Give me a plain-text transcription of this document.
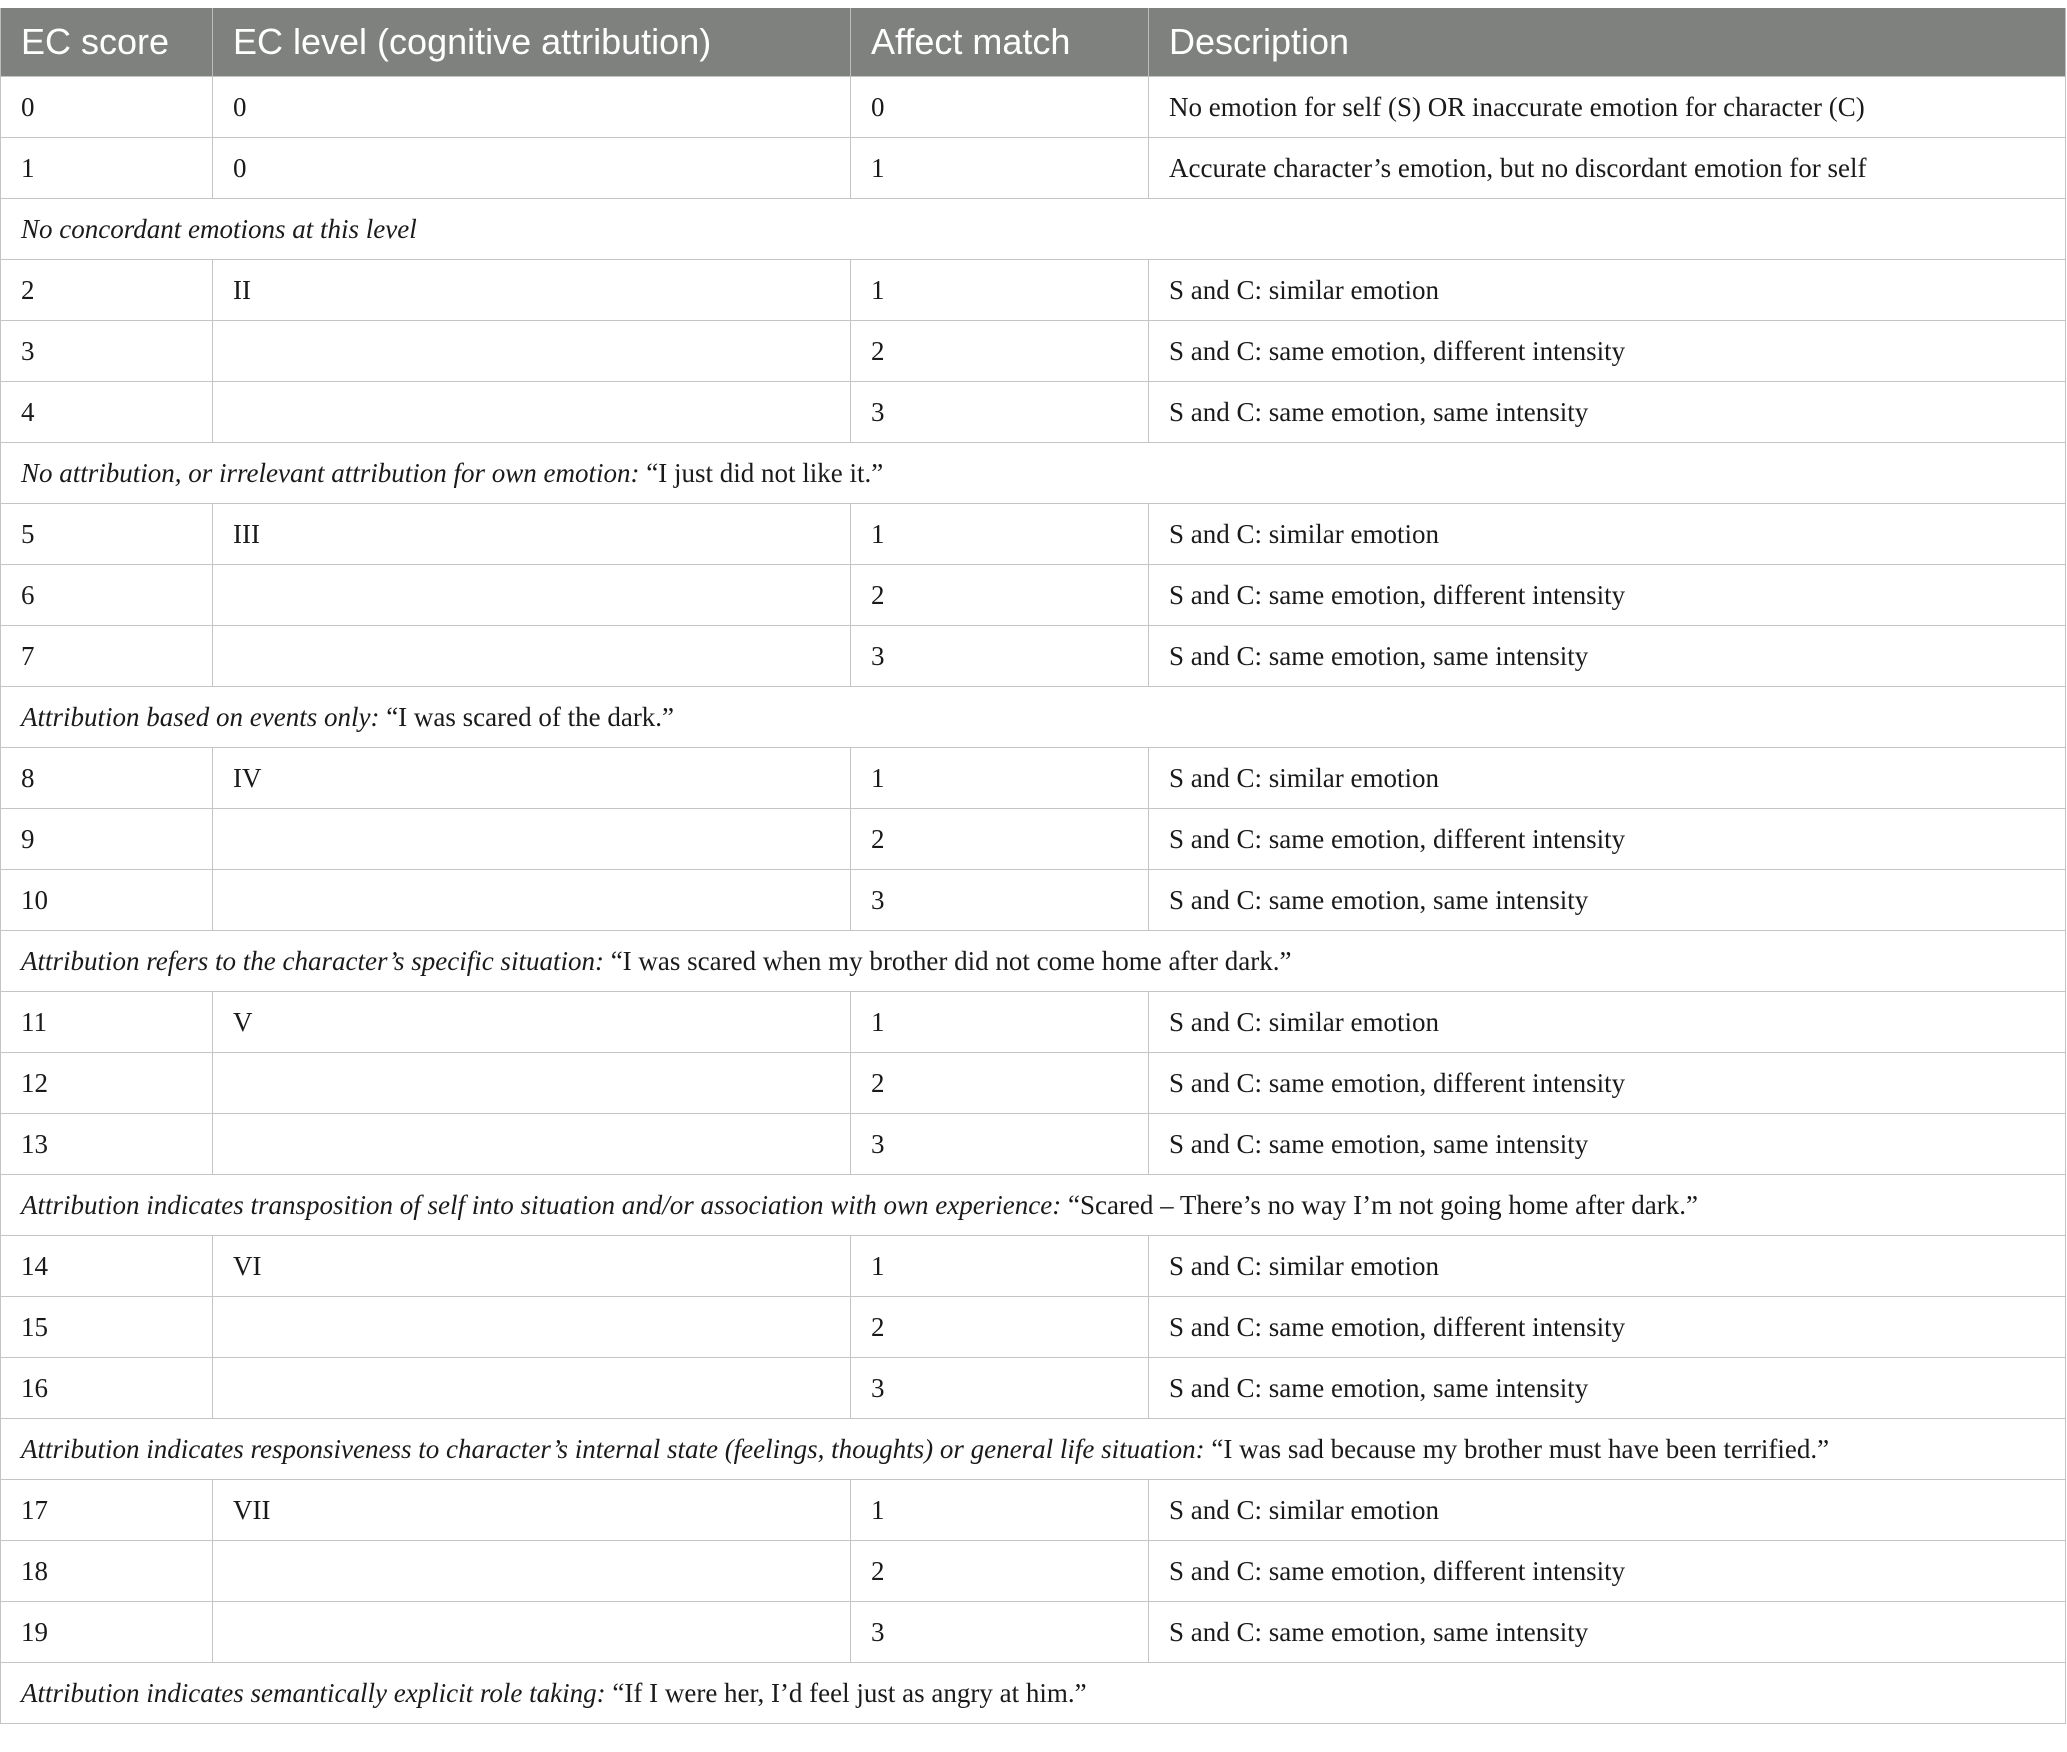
EC score	EC level (cognitive attribution)	Affect match	Description
0	0	0	No emotion for self (S) OR inaccurate emotion for character (C)
1	0	1	Accurate character’s emotion, but no discordant emotion for self
No concordant emotions at this level			
2	II	1	S and C: similar emotion
3		2	S and C: same emotion, different intensity
4		3	S and C: same emotion, same intensity
No attribution, or irrelevant attribution for own emotion: “I just did not like it.”			
5	III	1	S and C: similar emotion
6		2	S and C: same emotion, different intensity
7		3	S and C: same emotion, same intensity
Attribution based on events only: “I was scared of the dark.”			
8	IV	1	S and C: similar emotion
9		2	S and C: same emotion, different intensity
10		3	S and C: same emotion, same intensity
Attribution refers to the character’s specific situation: “I was scared when my brother did not come home after dark.”			
11	V	1	S and C: similar emotion
12		2	S and C: same emotion, different intensity
13		3	S and C: same emotion, same intensity
Attribution indicates transposition of self into situation and/or association with own experience: “Scared – There’s no way I’m not going home after dark.”			
14	VI	1	S and C: similar emotion
15		2	S and C: same emotion, different intensity
16		3	S and C: same emotion, same intensity
Attribution indicates responsiveness to character’s internal state (feelings, thoughts) or general life situation: “I was sad because my brother must have been terrified.”			
17	VII	1	S and C: similar emotion
18		2	S and C: same emotion, different intensity
19		3	S and C: same emotion, same intensity
Attribution indicates semantically explicit role taking: “If I were her, I’d feel just as angry at him.”			
